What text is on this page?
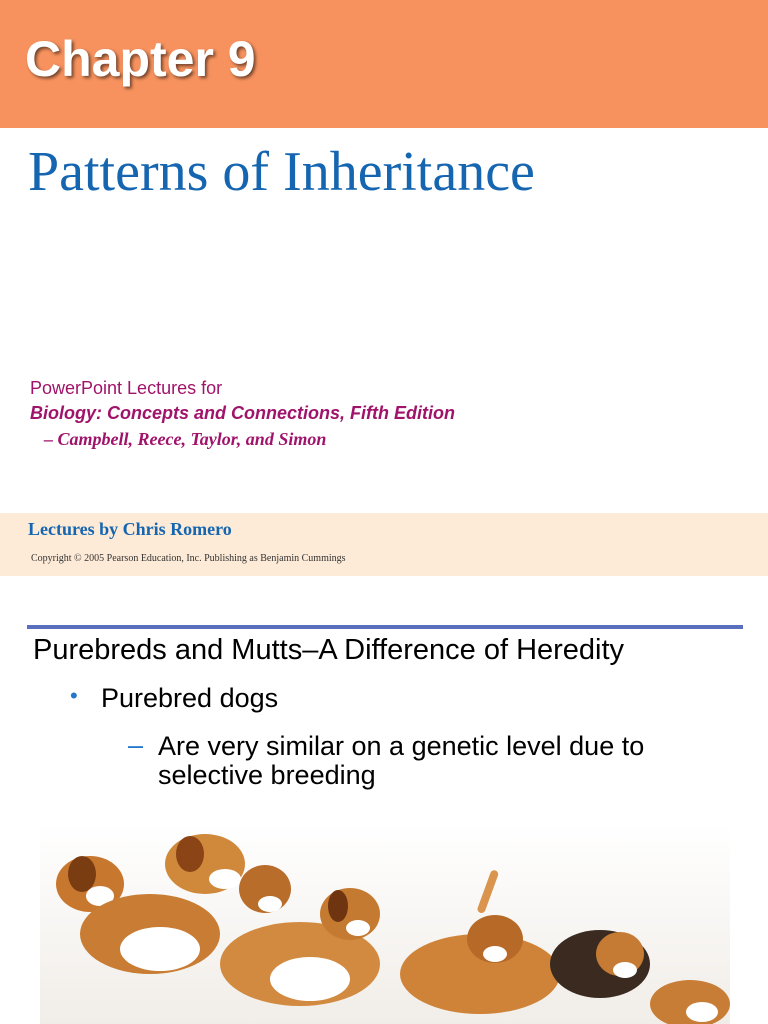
Chapter 9
Patterns of Inheritance
PowerPoint Lectures for
Biology: Concepts and Connections, Fifth Edition
– Campbell, Reece, Taylor, and Simon
Lectures by Chris Romero
Copyright © 2005 Pearson Education, Inc. Publishing as Benjamin Cummings
Purebreds and Mutts–A Difference of Heredity
• Purebred dogs
– Are very similar on a genetic level due to selective breeding
